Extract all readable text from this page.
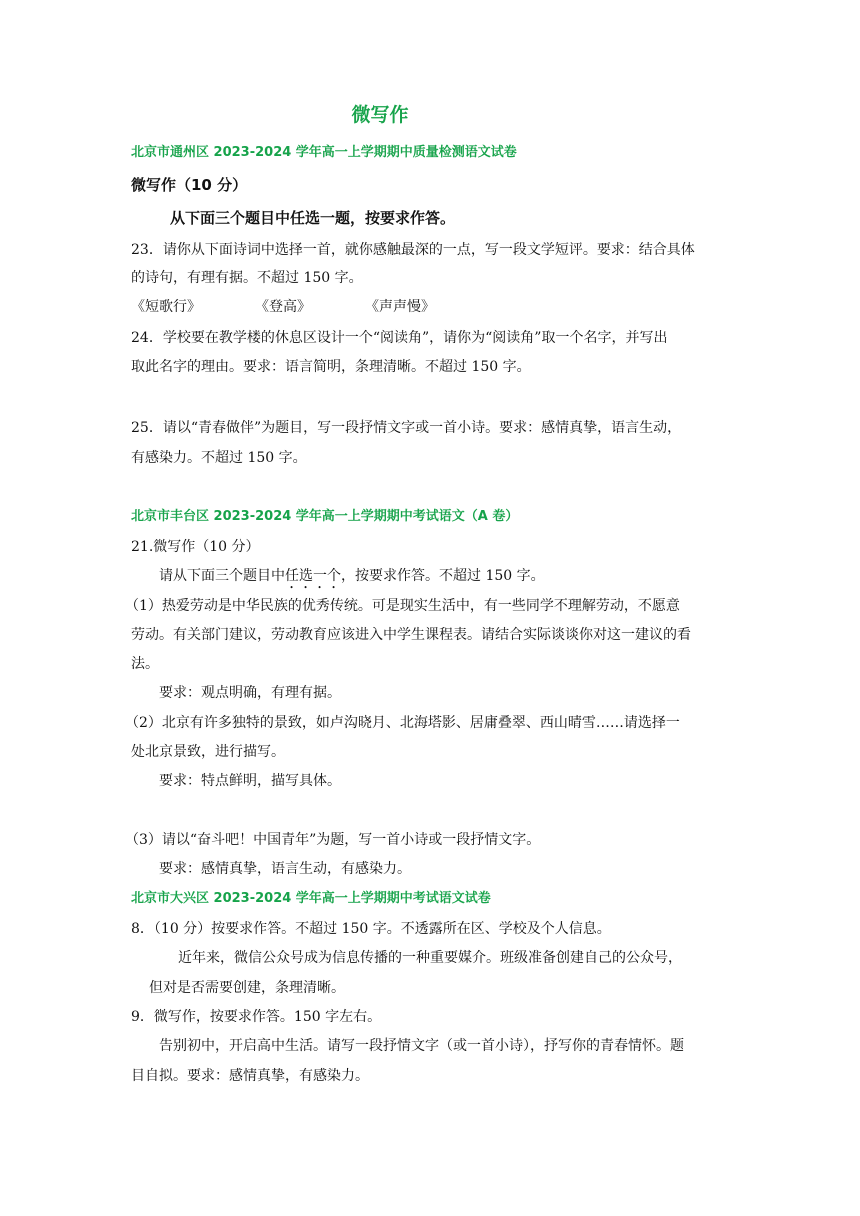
微写作
北京市通州区 2023-2024 学年高一上学期期中质量检测语文试卷
微写作（10 分）
从下面三个题目中任选一题，按要求作答。
23．请你从下面诗词中选择一首，就你感触最深的一点，写一段文学短评。要求：结合具体
的诗句，有理有据。不超过 150 字。
《短歌行》	《登高》	《声声慢》
24．学校要在教学楼的休息区设计一个“阅读角”，请你为“阅读角”取一个名字，并写出
取此名字的理由。要求：语言简明，条理清晰。不超过 150 字。
25．请以“青春做伴”为题目，写一段抒情文字或一首小诗。要求：感情真挚，语言生动，
有感染力。不超过 150 字。
北京市丰台区 2023-2024 学年高一上学期期中考试语文（A 卷）
21.微写作（10 分）
请从下面三个题目中任选一个，按要求作答。不超过 150 字。
（1）热爱劳动是中华民族的优秀传统。可是现实生活中，有一些同学不理解劳动，不愿意
劳动。有关部门建议，劳动教育应该进入中学生课程表。请结合实际谈谈你对这一建议的看
法。
要求：观点明确，有理有据。
（2）北京有许多独特的景致，如卢沟晓月、北海塔影、居庸叠翠、西山晴雪……请选择一
处北京景致，进行描写。
要求：特点鲜明，描写具体。
（3）请以“奋斗吧！中国青年”为题，写一首小诗或一段抒情文字。
要求：感情真挚，语言生动，有感染力。
北京市大兴区 2023-2024 学年高一上学期期中考试语文试卷
8．（10 分）按要求作答。不超过 150 字。不透露所在区、学校及个人信息。
近年来，微信公众号成为信息传播的一种重要媒介。班级准备创建自己的公众号，
但对是否需要创建，条理清晰。
9．微写作，按要求作答。150 字左右。
告别初中，开启高中生活。请写一段抒情文字（或一首小诗），抒写你的青春情怀。题
目自拟。要求：感情真挚，有感染力。
